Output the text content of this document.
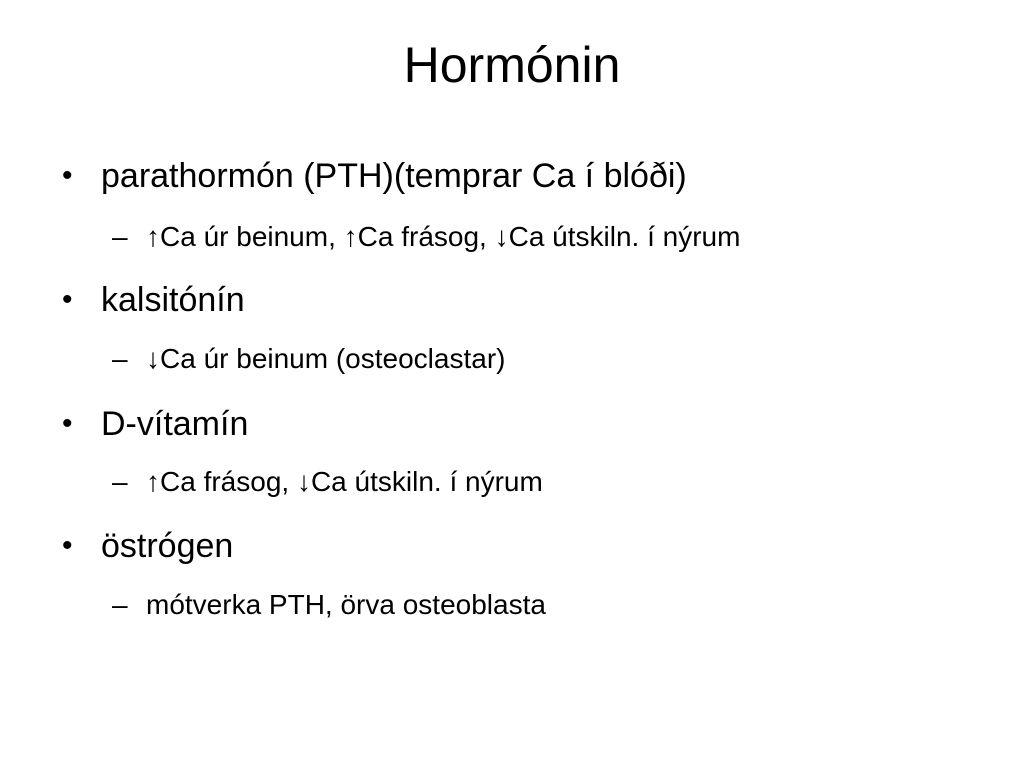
Hormónin
• parathormón (PTH)(temprar Ca í blóði)
– ↑Ca úr beinum, ↑Ca frásog, ↓Ca útskiln. í nýrum
• kalsitónín
– ↓Ca úr beinum (osteoclastar)
• D-vítamín
– ↑Ca frásog, ↓Ca útskiln. í nýrum
• östrógen
– mótverka PTH, örva osteoblasta
